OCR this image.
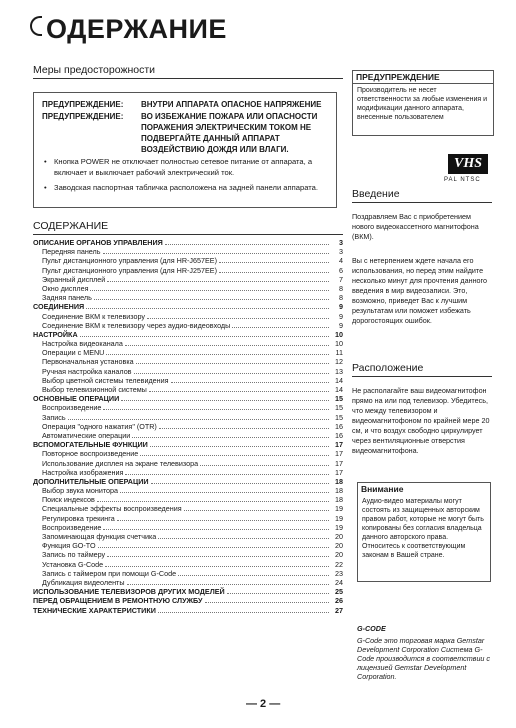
ОДЕРЖАНИЕ
Меры предосторожности
ПРЕДУПРЕЖДЕНИЕ:	ВНУТРИ АППАРАТА ОПАСНОЕ НАПРЯЖЕНИЕ
ПРЕДУПРЕЖДЕНИЕ:	ВО ИЗБЕЖАНИЕ ПОЖАРА ИЛИ ОПАСНОСТИ ПОРАЖЕНИЯ ЭЛЕКТРИЧЕСКИМ ТОКОМ НЕ ПОДВЕРГАЙТЕ ДАННЫЙ АППАРАТ ВОЗДЕЙСТВИЮ ДОЖДЯ ИЛИ ВЛАГИ.
• Кнопка POWER не отключает полностью сетевое питание от аппарата, а включает и выключает рабочий электрический ток.
• Заводская паспортная табличка расположена на задней панели аппарата.
СОДЕРЖАНИЕ
ОПИСАНИЕ ОРГАНОВ УПРАВЛЕНИЯ	3
Передняя панель	3
Пульт дистанционного управления (для HR-J657EE)	4
Пульт дистанционного управления (для HR-J257EE)	6
Экранный дисплей	7
Окно дисплея	8
Задняя панель	8
СОЕДИНЕНИЯ	9
Соединение ВКМ к телевизору	9
Соединение ВКМ к телевизору через аудио-видеовходы	9
НАСТРОЙКА	10
Настройка видеоканала	10
Операции с MENU	11
Первоначальная установка	12
Ручная настройка каналов	13
Выбор цветной системы телевидения	14
Выбор телевизионной системы	14
ОСНОВНЫЕ ОПЕРАЦИИ	15
Воспроизведение	15
Запись	15
Операция "одного нажатия" (OTR)	16
Автоматические операции	16
ВСПОМОГАТЕЛЬНЫЕ ФУНКЦИИ	17
Повторное воспроизведение	17
Использование дисплея на экране телевизора	17
Настройка изображения	17
ДОПОЛНИТЕЛЬНЫЕ ОПЕРАЦИИ	18
Выбор звука монитора	18
Поиск индексов	18
Специальные эффекты воспроизведения	19
Регулировка трекинга	19
Воспроизведение	19
Запоминающая функция счетчика	20
Функция GO-TO	20
Запись по таймеру	20
Установка G-Code	22
Запись с таймером при помощи G-Code	23
Дубликация видеоленты	24
ИСПОЛЬЗОВАНИЕ ТЕЛЕВИЗОРОВ ДРУГИХ МОДЕЛЕЙ	25
ПЕРЕД ОБРАЩЕНИЕМ В РЕМОНТНУЮ СЛУЖБУ	26
ТЕХНИЧЕСКИЕ ХАРАКТЕРИСТИКИ	27
ПРЕДУПРЕЖДЕНИЕ
Производитель не несет ответственности за любые изменения и модификации данного аппарата, внесенные пользователем
VHS
PAL NTSC
Введение
Поздравляем Вас с приобретением нового видеокассетного магнитофона (ВКМ).
Вы с нетерпением ждете начала его использования, но перед этим найдите несколько минут для прочтения данного введения в мир видеозаписи. Это, возможно, приведет Вас к лучшим результатам или поможет избежать дорогостоящих ошибок.
Расположение
Не располагайте ваш видеомагнитофон прямо на или под телевизор. Убедитесь, что между телевизором и видеомагнитофоном по крайней мере 20 см, и что воздух свободно циркулирует через вентиляционные отверстия видеомагнитофона.
Внимание
Аудио-видео материалы могут состоять из защищенных авторским правом работ, которые не могут быть копированы без согласия владельца данного авторского права. Относитесь к соответствующим законам в Вашей стране.
G-CODE
G-Code это торговая марка Gemstar Development Corporation Система G-Code производится в соответствии с лицензией Gemstar Development Corporation.
— 2 —
